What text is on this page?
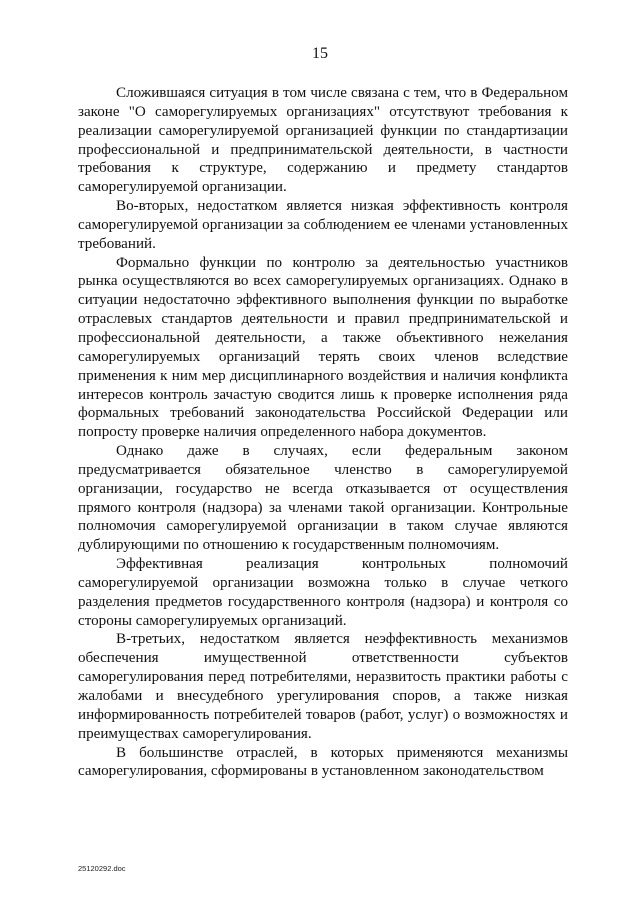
15

Сложившаяся ситуация в том числе связана с тем, что в Федеральном законе "О саморегулируемых организациях" отсутствуют требования к реализации саморегулируемой организацией функции по стандартизации профессиональной и предпринимательской деятельности, в частности требования к структуре, содержанию и предмету стандартов саморегулируемой организации.

Во-вторых, недостатком является низкая эффективность контроля саморегулируемой организации за соблюдением ее членами установленных требований.

Формально функции по контролю за деятельностью участников рынка осуществляются во всех саморегулируемых организациях. Однако в ситуации недостаточно эффективного выполнения функции по выработке отраслевых стандартов деятельности и правил предпринимательской и профессиональной деятельности, а также объективного нежелания саморегулируемых организаций терять своих членов вследствие применения к ним мер дисциплинарного воздействия и наличия конфликта интересов контроль зачастую сводится лишь к проверке исполнения ряда формальных требований законодательства Российской Федерации или попросту проверке наличия определенного набора документов.

Однако даже в случаях, если федеральным законом предусматривается обязательное членство в саморегулируемой организации, государство не всегда отказывается от осуществления прямого контроля (надзора) за членами такой организации. Контрольные полномочия саморегулируемой организации в таком случае являются дублирующими по отношению к государственным полномочиям.

Эффективная реализация контрольных полномочий саморегулируемой организации возможна только в случае четкого разделения предметов государственного контроля (надзора) и контроля со стороны саморегулируемых организаций.

В-третьих, недостатком является неэффективность механизмов обеспечения имущественной ответственности субъектов саморегулирования перед потребителями, неразвитость практики работы с жалобами и внесудебного урегулирования споров, а также низкая информированность потребителей товаров (работ, услуг) о возможностях и преимуществах саморегулирования.

В большинстве отраслей, в которых применяются механизмы саморегулирования, сформированы в установленном законодательством

25120292.doc
